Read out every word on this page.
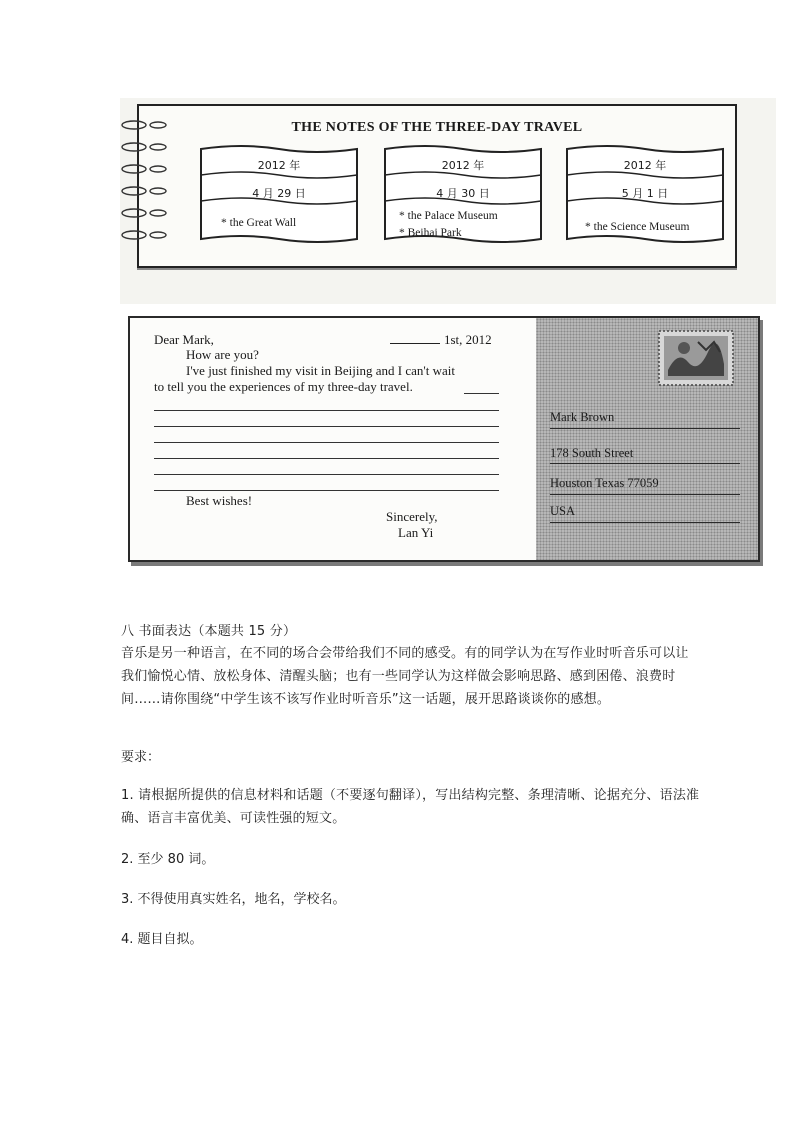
THE NOTES OF THE THREE-DAY TRAVEL
2012 年
4 月 29 日
* the Great Wall
2012 年
4 月 30 日
* the Palace Museum
* Beihai Park
2012 年
5 月 1 日
* the Science Museum
Dear Mark,	1st, 2012
How are you?
I've just finished my visit in Beijing and I can't wait
to tell you the experiences of my three-day travel.
Best wishes!
Sincerely,
Lan Yi
Mark Brown
178 South Street
Houston Texas 77059
USA
八 书面表达（本题共 15 分）
音乐是另一种语言，在不同的场合会带给我们不同的感受。有的同学认为在写作业时听音乐可以让我们愉悦心情、放松身体、清醒头脑；也有一些同学认为这样做会影响思路、感到困倦、浪费时间……请你围绕“中学生该不该写作业时听音乐”这一话题，展开思路谈谈你的感想。
要求：
1. 请根据所提供的信息材料和话题（不要逐句翻译），写出结构完整、条理清晰、论据充分、语法准确、语言丰富优美、可读性强的短文。
2. 至少 80 词。
3. 不得使用真实姓名，地名，学校名。
4. 题目自拟。
